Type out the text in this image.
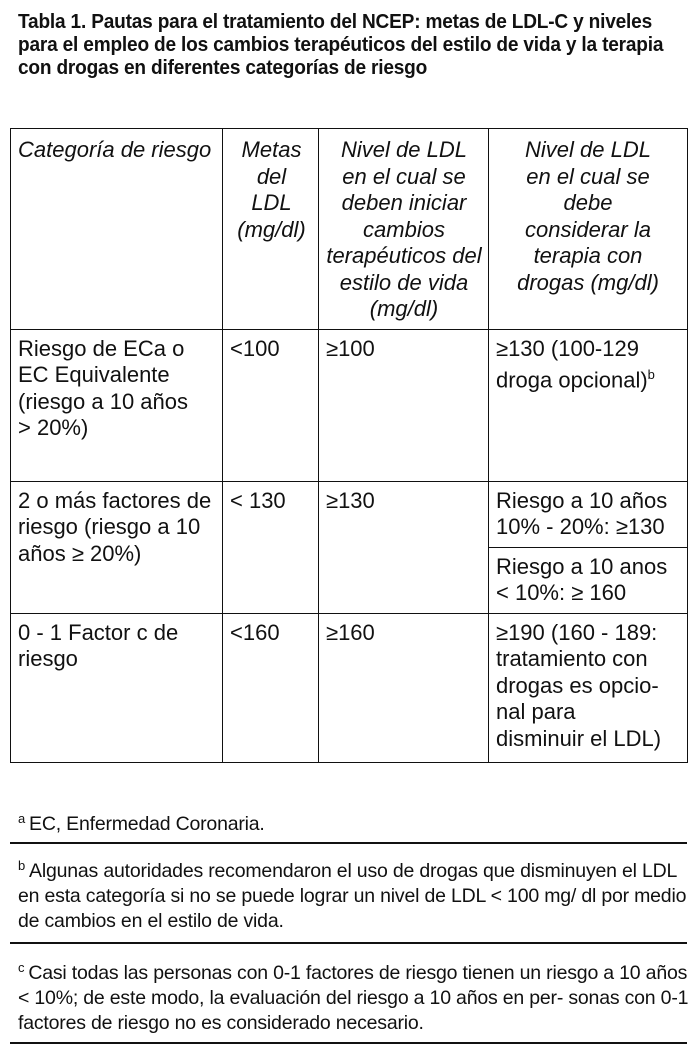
Tabla 1. Pautas para el tratamiento del NCEP: metas de LDL-C y niveles para el empleo de los cambios terapéuticos del estilo de vida y la terapia con drogas en diferentes categorías de riesgo
Categoría de riesgo	Metas del LDL (mg/dl)	Nivel de LDL en el cual se deben iniciar cambios terapéuticos del estilo de vida (mg/dl)	Nivel de LDL en el cual se debe considerar la terapia con drogas (mg/dl)
Riesgo de ECa o EC Equivalente (riesgo a 10 años > 20%)	<100	≥100	≥130 (100-129 droga opcional)$^b$
2 o más factores de riesgo (riesgo a 10 años ≥ 20%)	< 130	≥130	Riesgo a 10 años 10% - 20%: ≥130
			Riesgo a 10 anos < 10%: ≥ 160
0 - 1 Factor c de riesgo	<160	≥160	≥190 (160 - 189: tratamiento con drogas es opcio- nal para disminuir el LDL)
$^a$ EC, Enfermedad Coronaria.
$^b$ Algunas autoridades recomendaron el uso de drogas que disminuyen el LDL en esta categoría si no se puede lograr un nivel de LDL < 100 mg/ dl por medio de cambios en el estilo de vida.
$^c$ Casi todas las personas con 0-1 factores de riesgo tienen un riesgo a 10 años < 10%; de este modo, la evaluación del riesgo a 10 años en per- sonas con 0-1 factores de riesgo no es considerado necesario.
